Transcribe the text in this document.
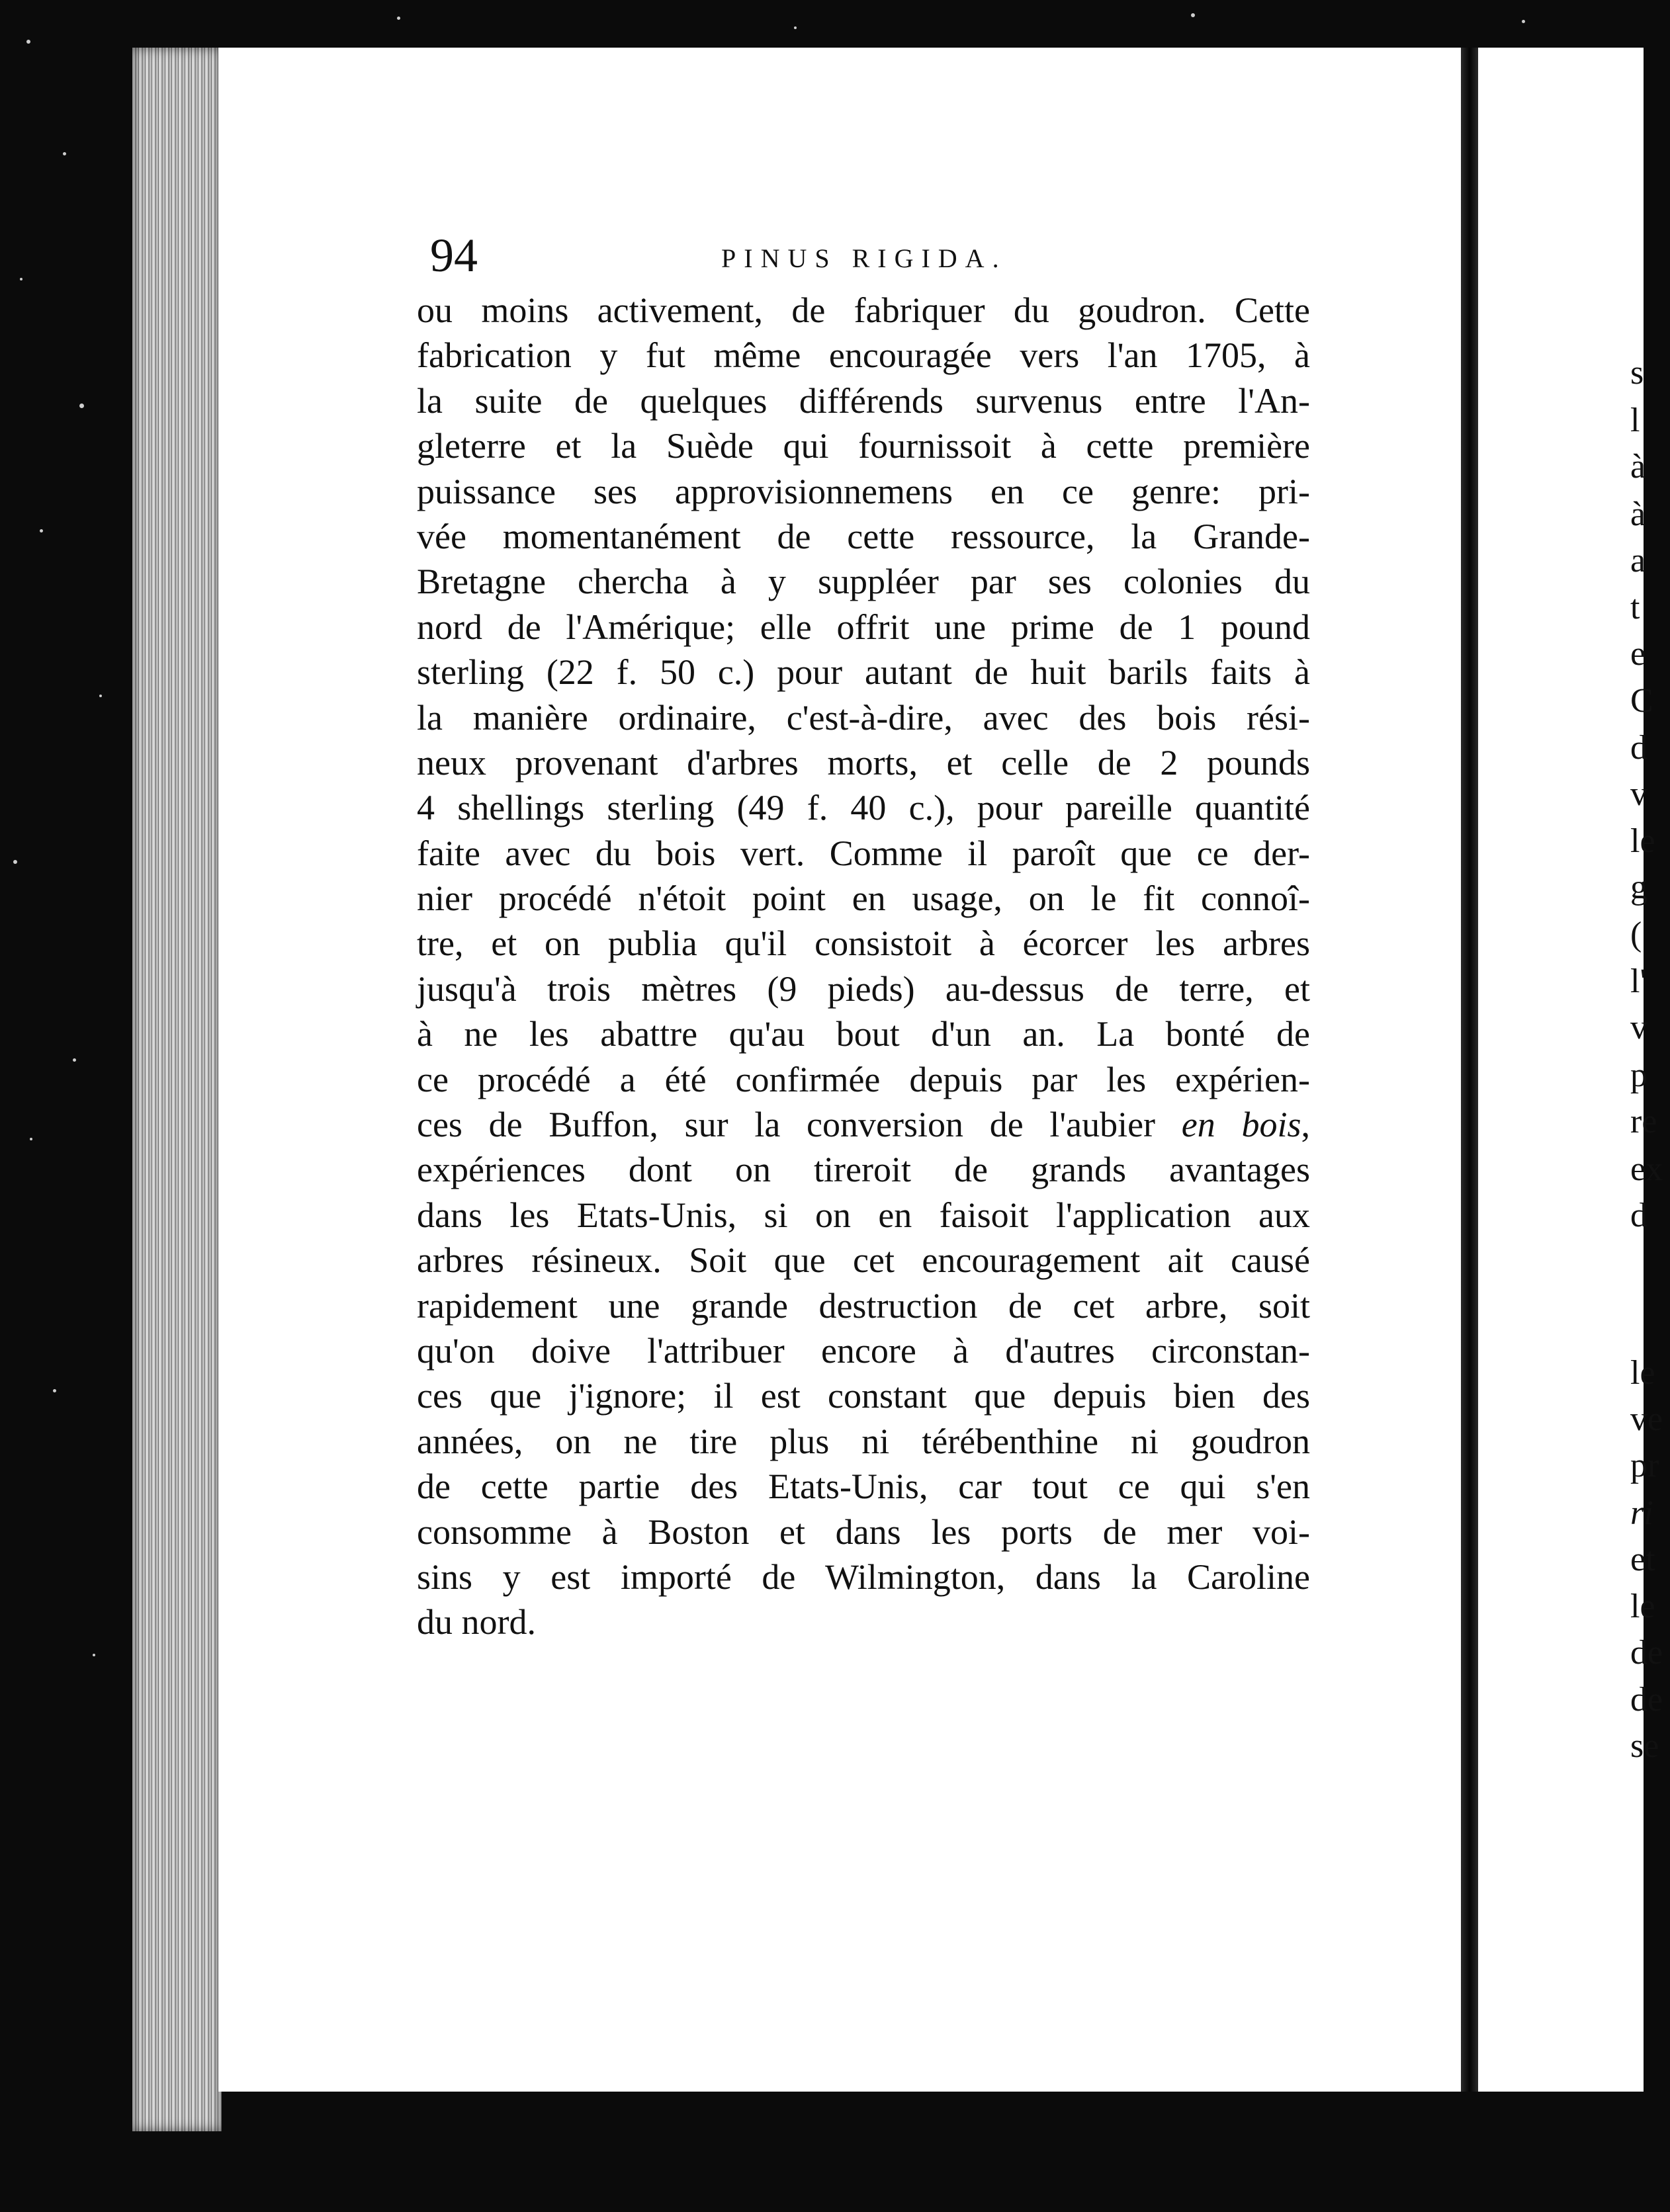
94	PINUS RIGIDA.
ou moins activement, de fabriquer du goudron. Cette
fabrication y fut même encouragée vers l'an 1705, à
la suite de quelques différends survenus entre l'An-
gleterre et la Suède qui fournissoit à cette première
puissance ses approvisionnemens en ce genre: pri-
vée momentanément de cette ressource, la Grande-
Bretagne chercha à y suppléer par ses colonies du
nord de l'Amérique; elle offrit une prime de 1 pound
sterling (22 f. 50 c.) pour autant de huit barils faits à
la manière ordinaire, c'est-à-dire, avec des bois rési-
neux provenant d'arbres morts, et celle de 2 pounds
4 shellings sterling (49 f. 40 c.), pour pareille quantité
faite avec du bois vert. Comme il paroît que ce der-
nier procédé n'étoit point en usage, on le fit connoî-
tre, et on publia qu'il consistoit à écorcer les arbres
jusqu'à trois mètres (9 pieds) au-dessus de terre, et
à ne les abattre qu'au bout d'un an. La bonté de
ce procédé a été confirmée depuis par les expérien-
ces de Buffon, sur la conversion de l'aubier en bois,
expériences dont on tireroit de grands avantages
dans les Etats-Unis, si on en faisoit l'application aux
arbres résineux. Soit que cet encouragement ait causé
rapidement une grande destruction de cet arbre, soit
qu'on doive l'attribuer encore à d'autres circonstan-
ces que j'ignore; il est constant que depuis bien des
années, on ne tire plus ni térébenthine ni goudron
de cette partie des Etats-Unis, car tout ce qui s'en
consomme à Boston et dans les ports de mer voi-
sins y est importé de Wilmington, dans la Caroline
du nord.
s
l
à
à
a
t
e
C
d
v
le
g
(
l'
v
p
re
ex
d
le
ve
pr
ri
et
le
de
de
se
